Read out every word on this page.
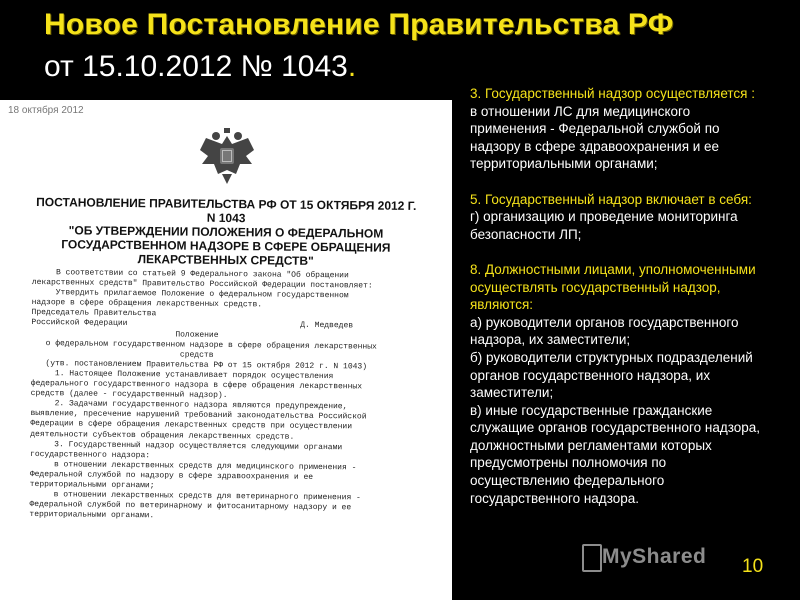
Новое Постановление Правительства РФ
от 15.10.2012 № 1043.
18 октября 2012
ПОСТАНОВЛЕНИЕ ПРАВИТЕЛЬСТВА РФ ОТ 15 ОКТЯБРЯ 2012 Г. N 1043
"ОБ УТВЕРЖДЕНИИ ПОЛОЖЕНИЯ О ФЕДЕРАЛЬНОМ
ГОСУДАРСТВЕННОМ НАДЗОРЕ В СФЕРЕ ОБРАЩЕНИЯ
ЛЕКАРСТВЕННЫХ СРЕДСТВ"

В соответствии со статьей 9 Федерального закона "Об обращении

лекарственных средств" Правительство Российской Федерации постановляет:

Утвердить прилагаемое Положение о федеральном государственном

надзоре в сфере обращения лекарственных средств.

Председатель Правительства

Российской Федерации                                    Д. Медведев

Положение

о федеральном государственном надзоре в сфере обращения лекарственных

средств

(утв. постановлением Правительства РФ от 15 октября 2012 г. N 1043)

1. Настоящее Положение устанавливает порядок осуществления

федерального государственного надзора в сфере обращения лекарственных

средств (далее - государственный надзор).

2. Задачами государственного надзора являются предупреждение,

выявление, пресечение нарушений требований законодательства Российской

Федерации в сфере обращения лекарственных средств при осуществлении

деятельности субъектов обращения лекарственных средств.

3. Государственный надзор осуществляется следующими органами

государственного надзора:

в отношении лекарственных средств для медицинского применения -

Федеральной службой по надзору в сфере здравоохранения и ее

территориальными органами;

в отношении лекарственных средств для ветеринарного применения -

Федеральной службой по ветеринарному и фитосанитарному надзору и ее

территориальными органами.

3. Государственный надзор осуществляется :

в отношении ЛС для медицинского применения - Федеральной службой по надзору в сфере здравоохранения и ее территориальными органами;

5. Государственный надзор включает в себя:

г) организацию и проведение мониторинга безопасности ЛП;

8. Должностными лицами, уполномоченными осуществлять государственный надзор, являются:

а) руководители органов государственного надзора, их заместители;

б) руководители структурных подразделений органов государственного надзора, их заместители;

в) иные государственные гражданские служащие органов государственного надзора, должностными регламентами которых предусмотрены полномочия по осуществлению федерального государственного надзора.

MyShared 10
